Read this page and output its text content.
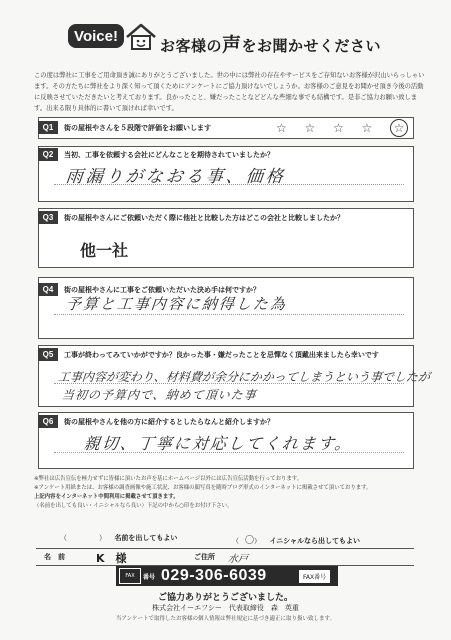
Voice!
お客様の声をお聞かせください
この度は弊社に工事をご用命頂き誠にありがとうございました。世の中には弊社の存在やサービスをご存知ないお客様が沢山いらっしゃいます。その方たちに弊社をより深く知って頂くためにアンケートにご協力頂けないでしょうか。お客様のご意見をお聞かせ頂き今後の活動に反映させていただきたいと考えております。良かったこと、嫌だったことなどどんな些細な事でも結構です。是非ご協力お願い致します。出来る限り具体的に書いて頂ければ幸いです。
Q1	街の屋根やさんを５段階で評価をお願いします	☆ ☆ ☆ ☆	☆
Q2	当初、工事を依頼する会社にどんなことを期待されていましたか？
雨漏りがなおる事、価格
Q3	街の屋根やさんにご依頼いただく際に他社と比較した方はどこの会社と比較しましたか？
他一社
Q4	街の屋根やさんに工事をご依頼いただいた決め手は何ですか？
予算と工事内容に納得した為
Q5	工事が終わってみていかがですか？良かった事・嫌だったことを忌憚なく頂戴出来ましたら幸いです
工事内容が変わり、材料費が余分にかかってしまうという事でしたが
当初の予算内で、納めて頂いた事
Q6	街の屋根やさんを他の方に紹介するとしたらなんと紹介しますか？
親切、丁寧に対応してくれます。
※弊社は広告宣伝を極力せずに皆様に頂いたお声を基にホームページ以外には広告宣伝活動を行っております。
※アンケート用紙または、お客様の調査画像や施工状況、お客様の顔写真を随時ブログ形式のインターネットに掲載させて頂いております。
上記内容をインターネット中間利用に掲載させて頂きます。
（名前を出しても良い・イニシャルなら良い）下記の中から○印をお付け下さい。
（　　） 名前を出してもよい	（〇） イニシャルなら出してもよい
名　前	K　様	ご住所 水戸
FAX	番号 029-306-6039	FAX番号
ご協力ありがとうございました。
株式会社イーエフシー　代表取締役　森　英重
当アンケートで取得したお客様の個人情報は弊社規定に基づき適正に取り扱い致します。
